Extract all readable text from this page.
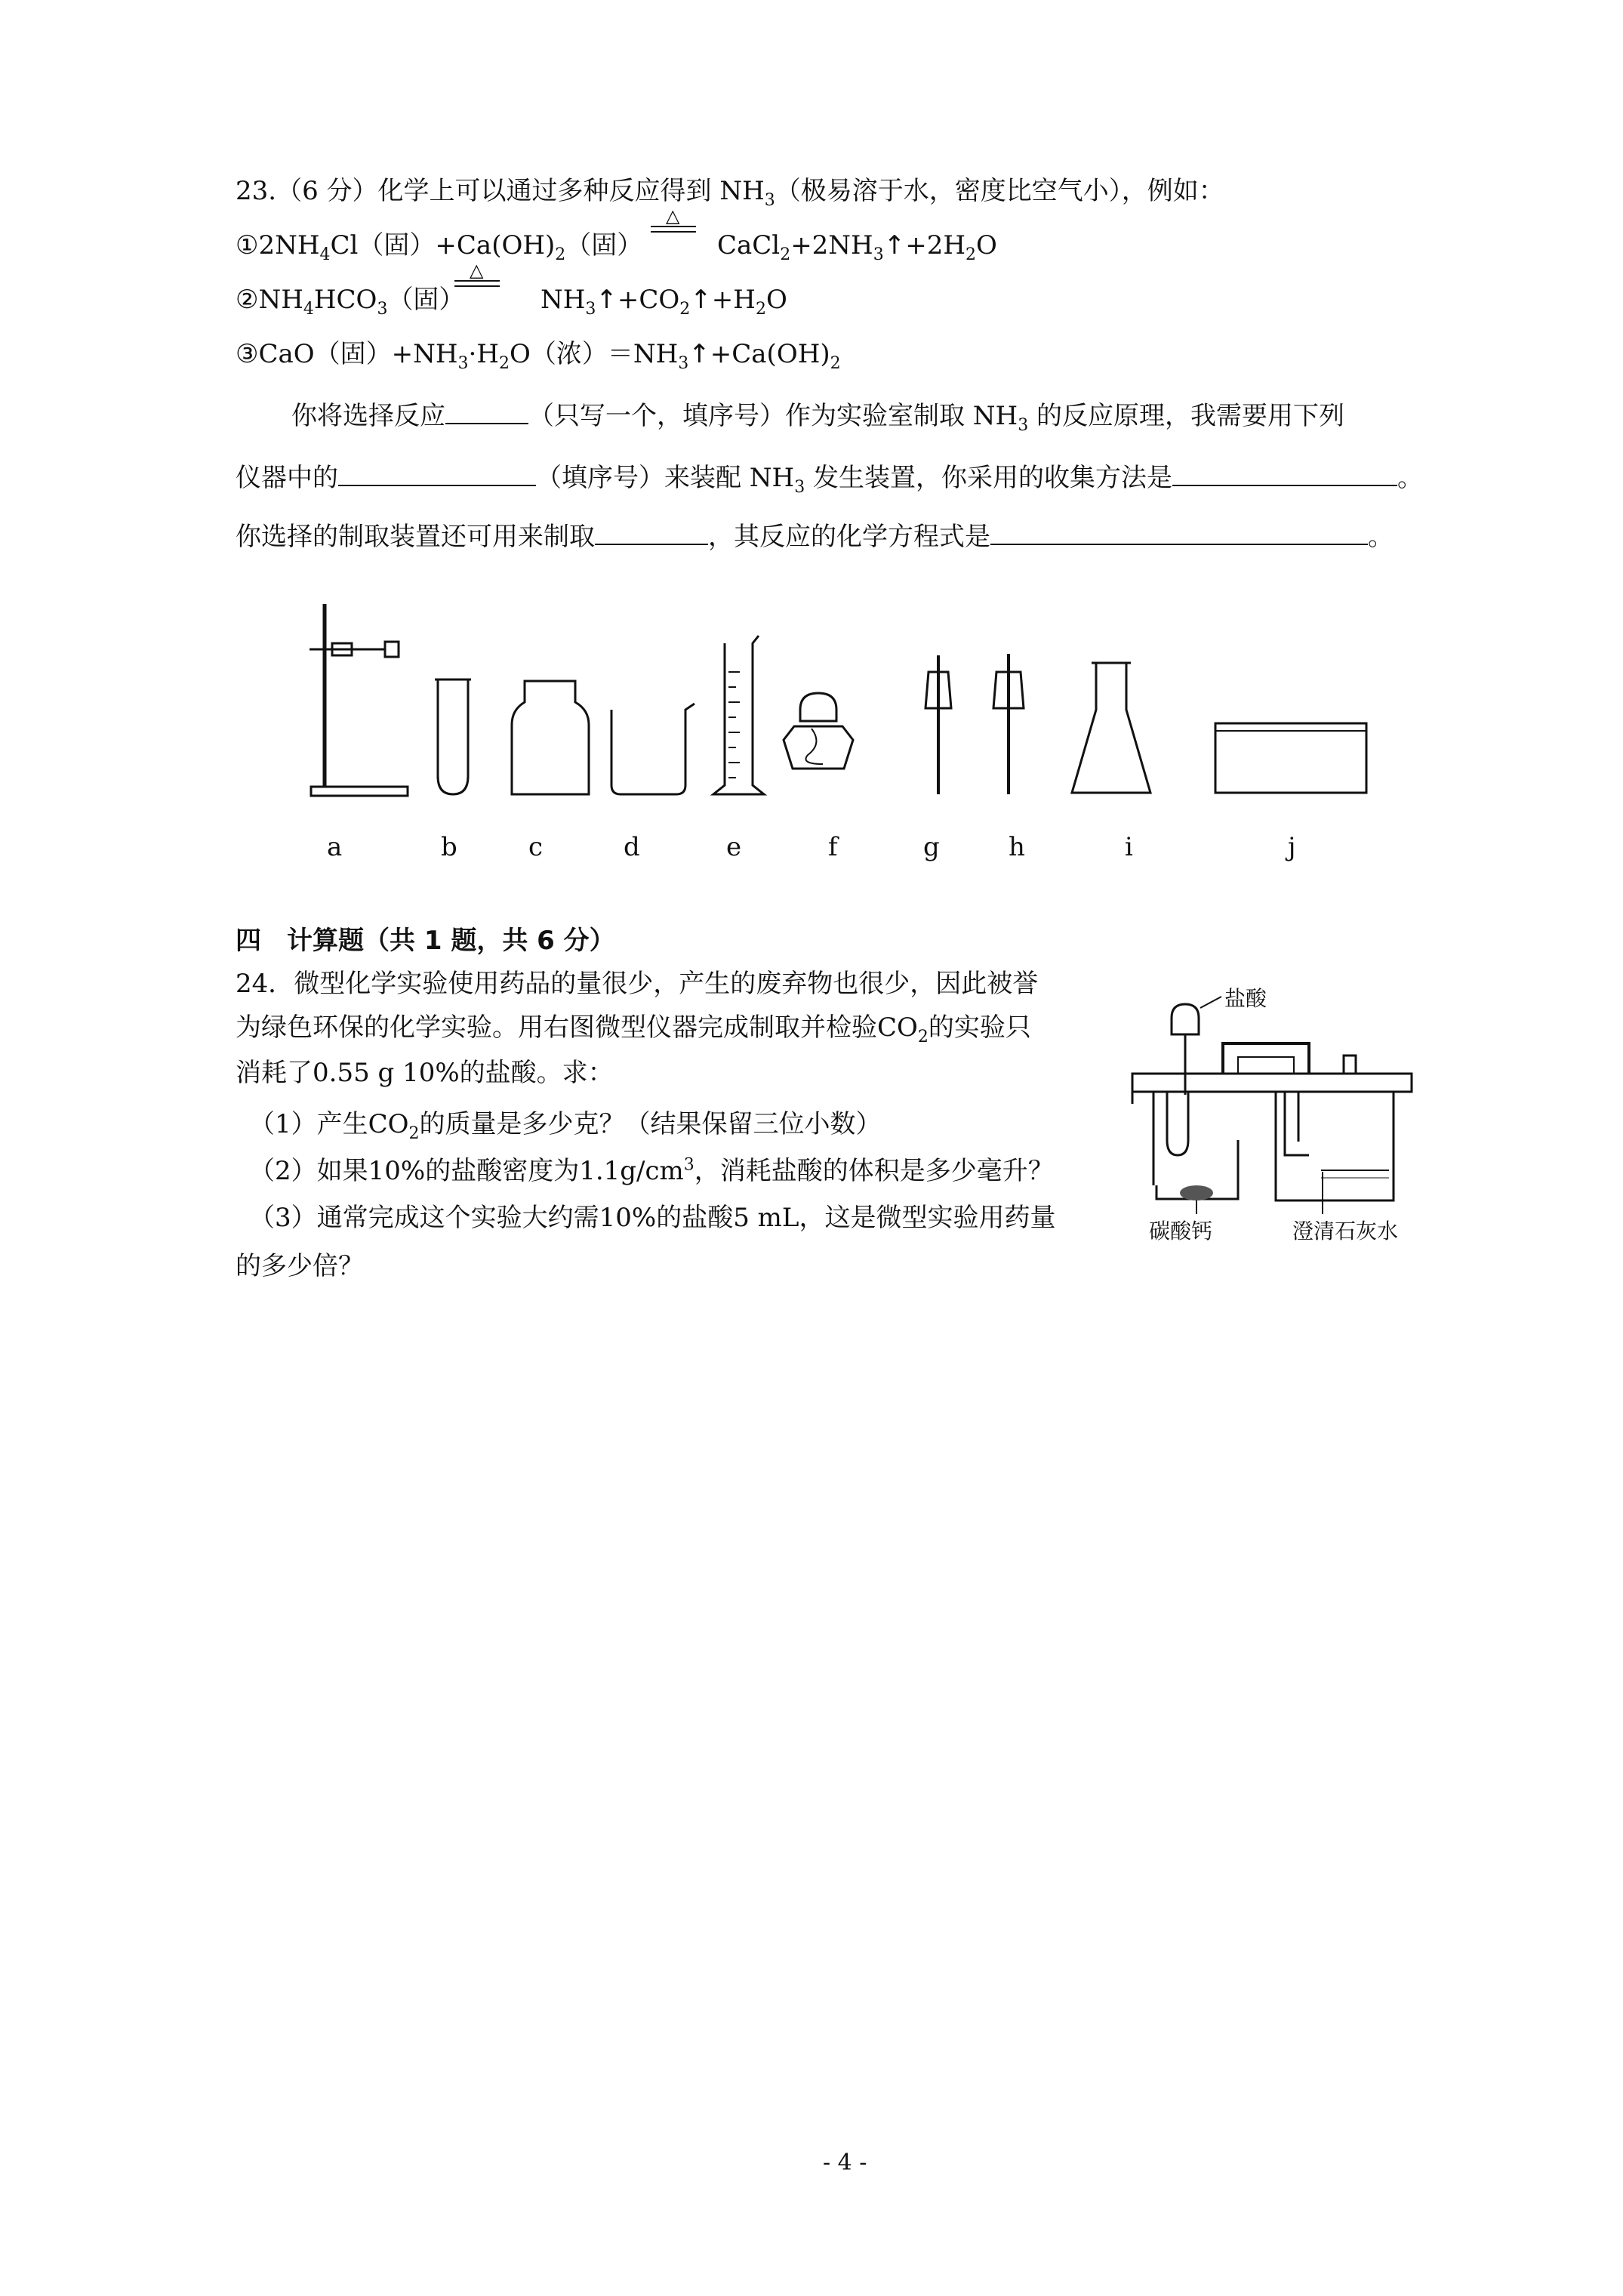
23.（6 分）化学上可以通过多种反应得到 $NH_3$（极易溶于水，密度比空气小），例如：
$①2NH_4Cl$（固）$+Ca(OH)_2$（固）
△
$CaCl_2+2NH_3↑+2H_2O$
$②NH_4HCO_3$（固）
△
$NH_3↑+CO_2↑+H_2O$
③CaO（固）$+NH_3\cdot H_2O$（浓）$=NH_3↑+Ca(OH)_2$
你将选择反应	（只写一个，填序号）作为实验室制取 $NH_3$ 的反应原理，我需要用下列
仪器中的	（填序号）来装配 $NH_3$ 发生装置，你采用的收集方法是	。
你选择的制取装置还可用来制取	，其反应的化学方程式是	。
a	b	c	d	e	f	g	h	i	j
四　计算题（共 1 题，共 6 分）
24．微型化学实验使用药品的量很少，产生的废弃物也很少，因此被誉
为绿色环保的化学实验。用右图微型仪器完成制取并检验$CO_2$的实验只
消耗了0.55 g 10%的盐酸。求：
（1）产生$CO_2$的质量是多少克？（结果保留三位小数）
（2）如果10%的盐酸密度为$1.1g/cm^3$，消耗盐酸的体积是多少毫升？
（3）通常完成这个实验大约需10%的盐酸5 mL，这是微型实验用药量
的多少倍？
盐酸
碳酸钙	澄清石灰水
- 4 -
